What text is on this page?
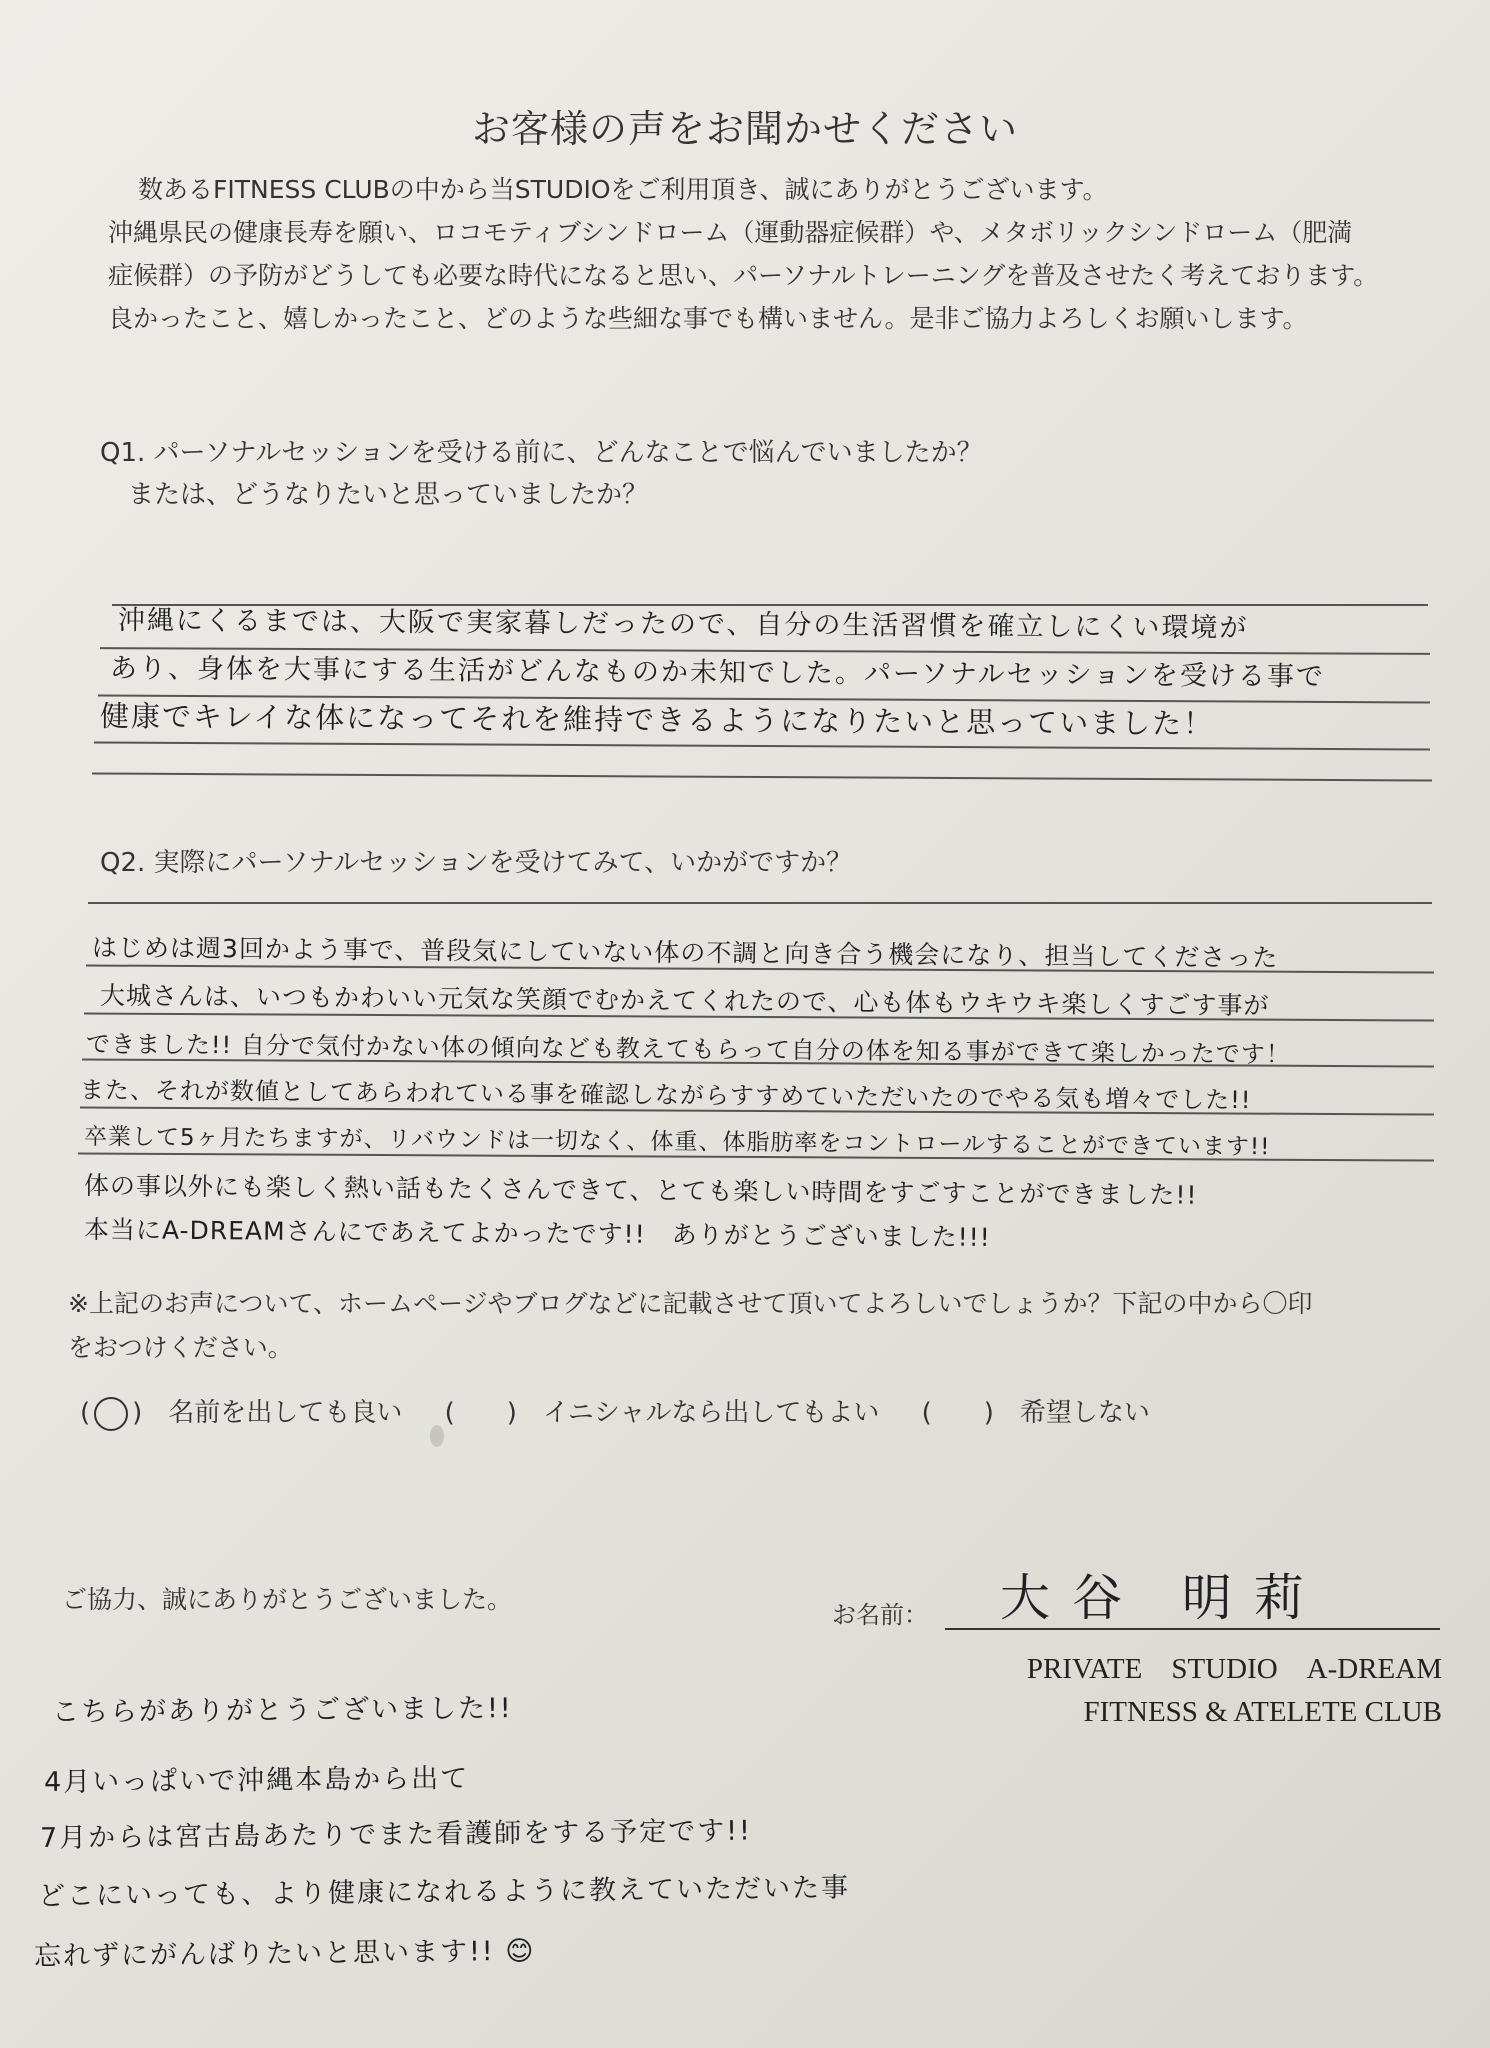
お客様の声をお聞かせください
数あるFITNESS CLUBの中から当STUDIOをご利用頂き、誠にありがとうございます。
沖縄県民の健康長寿を願い、ロコモティブシンドローム（運動器症候群）や、メタボリックシンドローム（肥満
症候群）の予防がどうしても必要な時代になると思い、パーソナルトレーニングを普及させたく考えております。
良かったこと、嬉しかったこと、どのような些細な事でも構いません。是非ご協力よろしくお願いします。
Q1. パーソナルセッションを受ける前に、どんなことで悩んでいましたか？
または、どうなりたいと思っていましたか？
沖縄にくるまでは、大阪で実家暮しだったので、自分の生活習慣を確立しにくい環境が
あり、身体を大事にする生活がどんなものか未知でした。パーソナルセッションを受ける事で
健康でキレイな体になってそれを維持できるようになりたいと思っていました！
Q2. 実際にパーソナルセッションを受けてみて、いかがですか？
はじめは週3回かよう事で、普段気にしていない体の不調と向き合う機会になり、担当してくださった
大城さんは、いつもかわいい元気な笑顔でむかえてくれたので、心も体もウキウキ楽しくすごす事が
できました!! 自分で気付かない体の傾向なども教えてもらって自分の体を知る事ができて楽しかったです！
また、それが数値としてあらわれている事を確認しながらすすめていただいたのでやる気も増々でした!!
卒業して5ヶ月たちますが、リバウンドは一切なく、体重、体脂肪率をコントロールすることができています!!
体の事以外にも楽しく熱い話もたくさんできて、とても楽しい時間をすごすことができました!!
本当にA-DREAMさんにであえてよかったです!!　ありがとうございました!!!
※上記のお声について、ホームページやブログなどに記載させて頂いてよろしいでしょうか？下記の中から〇印
をおつけください。
( )　名前を出しても良い (　　)　イニシャルなら出してもよい (　　)　希望しない
ご協力、誠にありがとうございました。
お名前： 大谷 明莉
PRIVATE　STUDIO　A-DREAM
FITNESS & ATELETE CLUB
こちらがありがとうございました!!
4月いっぱいで沖縄本島から出て
7月からは宮古島あたりでまた看護師をする予定です!!
どこにいっても、より健康になれるように教えていただいた事
忘れずにがんばりたいと思います!! 😊
